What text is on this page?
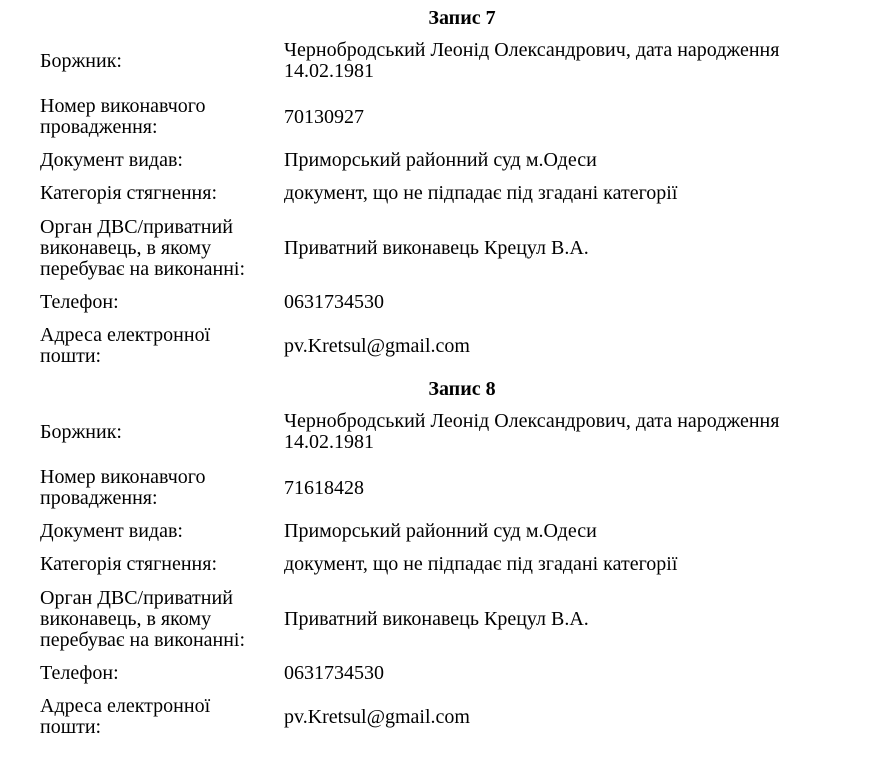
Запис 7
Боржник:	Чернобродський Леонід Олександрович, дата народження 14.02.1981
Номер виконавчого провадження:	70130927
Документ видав:	Приморський районний суд м.Одеси
Категорія стягнення:	документ, що не підпадає під згадані категорії
Орган ДВС/приватний виконавець, в якому перебуває на виконанні:
Приватний виконавець Крецул В.А.
Телефон:	0631734530
Адреса електронної пошти:	pv.Kretsul@gmail.com
Запис 8
Боржник:	Чернобродський Леонід Олександрович, дата народження 14.02.1981
Номер виконавчого провадження:	71618428
Документ видав:	Приморський районний суд м.Одеси
Категорія стягнення:	документ, що не підпадає під згадані категорії
Орган ДВС/приватний виконавець, в якому перебуває на виконанні:
Приватний виконавець Крецул В.А.
Телефон:	0631734530
Адреса електронної пошти:	pv.Kretsul@gmail.com
